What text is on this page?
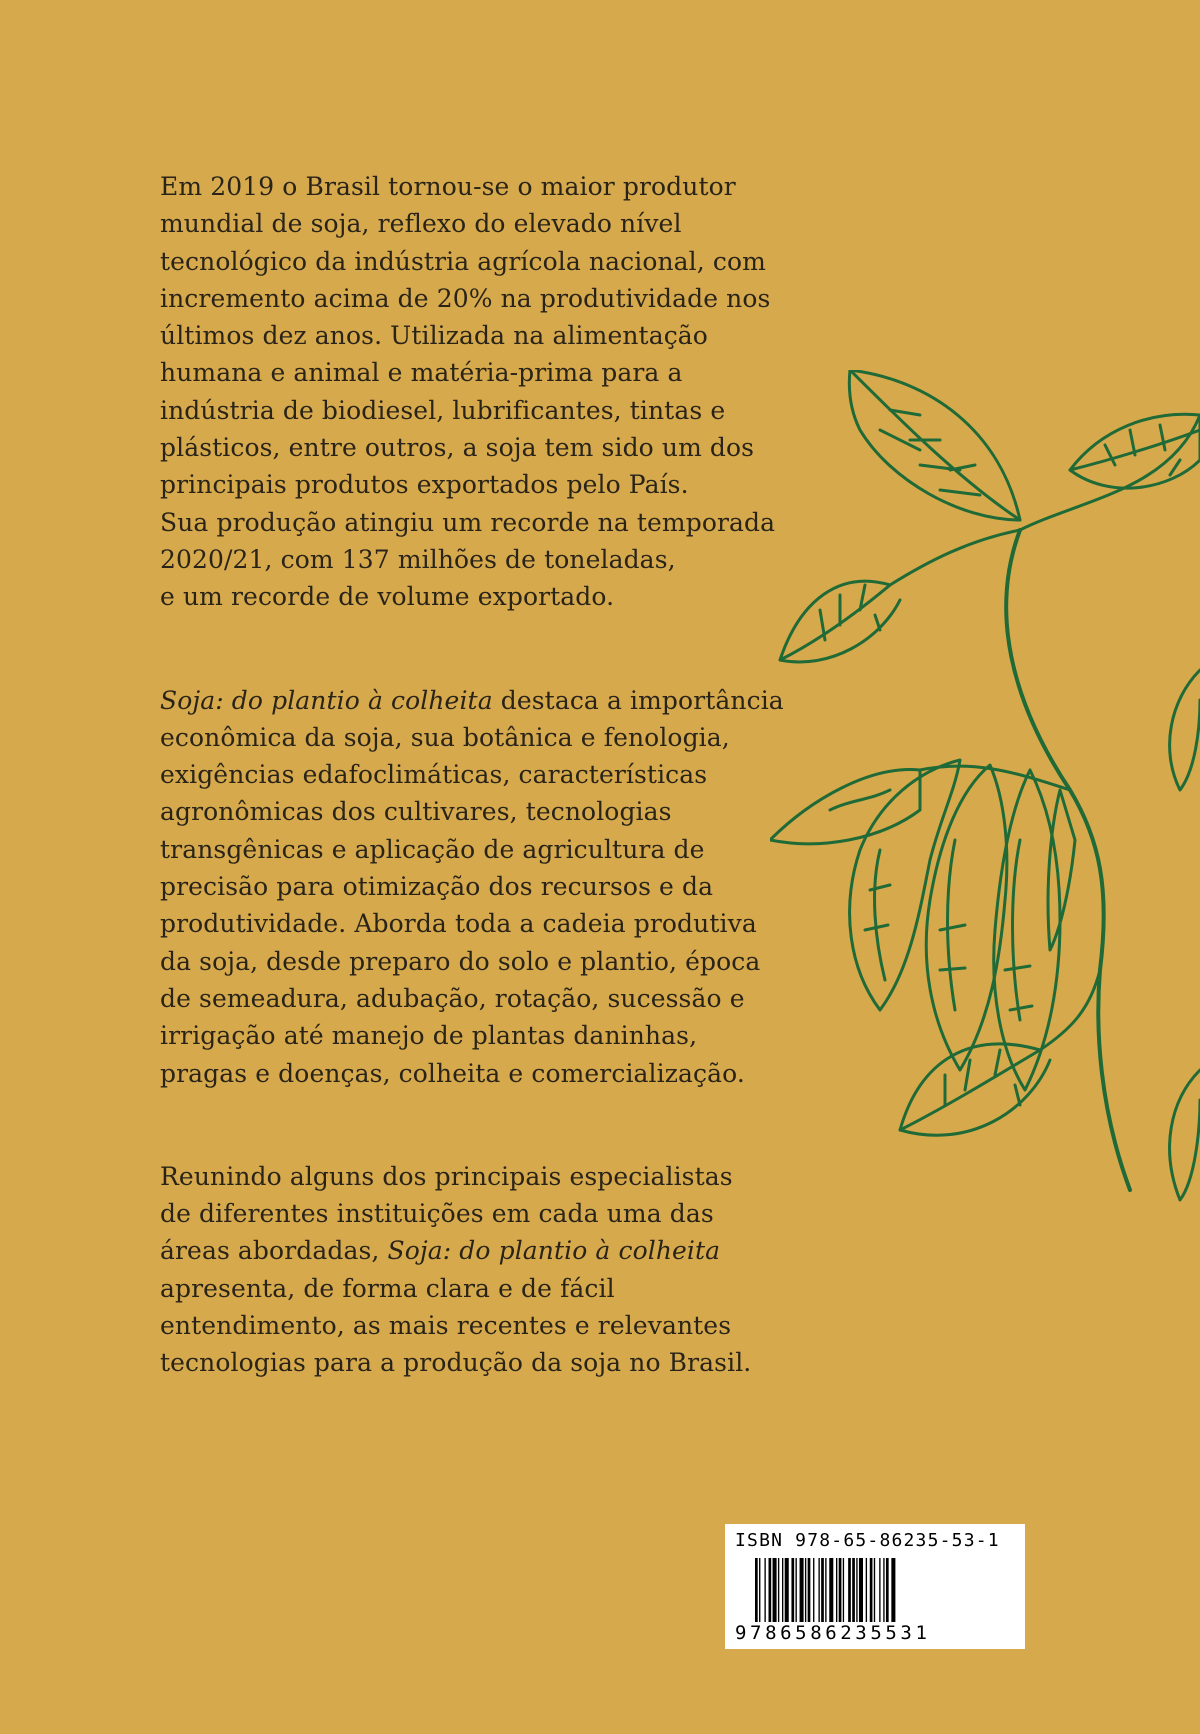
Em 2019 o Brasil tornou-se o maior produtor
mundial de soja, reflexo do elevado nível
tecnológico da indústria agrícola nacional, com
incremento acima de 20% na produtividade nos
últimos dez anos. Utilizada na alimentação
humana e animal e matéria-prima para a
indústria de biodiesel, lubrificantes, tintas e
plásticos, entre outros, a soja tem sido um dos
principais produtos exportados pelo País.
Sua produção atingiu um recorde na temporada
2020/21, com 137 milhões de toneladas,
e um recorde de volume exportado.

Soja: do plantio à colheita destaca a importância
econômica da soja, sua botânica e fenologia,
exigências edafoclimáticas, características
agronômicas dos cultivares, tecnologias
transgênicas e aplicação de agricultura de
precisão para otimização dos recursos e da
produtividade. Aborda toda a cadeia produtiva
da soja, desde preparo do solo e plantio, época
de semeadura, adubação, rotação, sucessão e
irrigação até manejo de plantas daninhas,
pragas e doenças, colheita e comercialização.

Reunindo alguns dos principais especialistas
de diferentes instituições em cada uma das
áreas abordadas, Soja: do plantio à colheita
apresenta, de forma clara e de fácil
entendimento, as mais recentes e relevantes
tecnologias para a produção da soja no Brasil.

ISBN 978-65-86235-53-1
9786586235531
